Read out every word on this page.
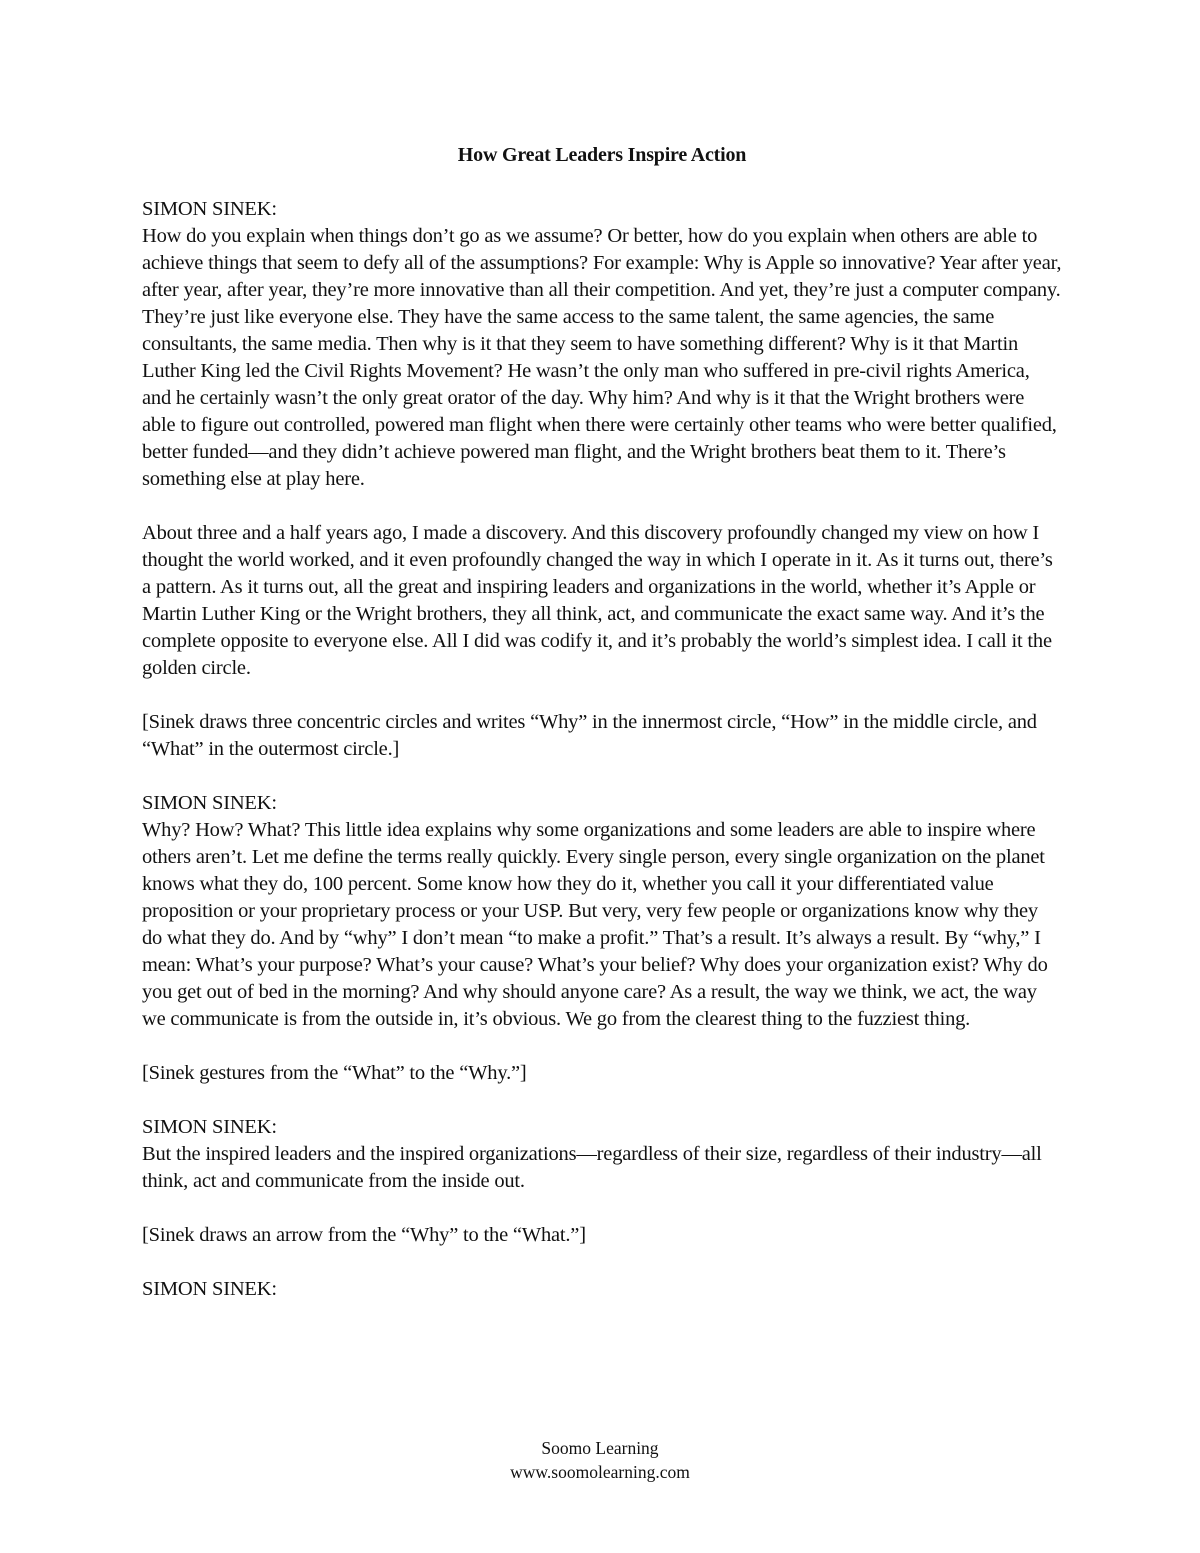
How Great Leaders Inspire Action
SIMON SINEK:
How do you explain when things don’t go as we assume? Or better, how do you explain when others are able to achieve things that seem to defy all of the assumptions? For example: Why is Apple so innovative? Year after year, after year, after year, they’re more innovative than all their competition. And yet, they’re just a computer company. They’re just like everyone else. They have the same access to the same talent, the same agencies, the same consultants, the same media. Then why is it that they seem to have something different? Why is it that Martin Luther King led the Civil Rights Movement? He wasn’t the only man who suffered in pre-civil rights America, and he certainly wasn’t the only great orator of the day. Why him? And why is it that the Wright brothers were able to figure out controlled, powered man flight when there were certainly other teams who were better qualified, better funded—and they didn’t achieve powered man flight, and the Wright brothers beat them to it. There’s something else at play here.
About three and a half years ago, I made a discovery. And this discovery profoundly changed my view on how I thought the world worked, and it even profoundly changed the way in which I operate in it. As it turns out, there’s a pattern. As it turns out, all the great and inspiring leaders and organizations in the world, whether it’s Apple or Martin Luther King or the Wright brothers, they all think, act, and communicate the exact same way. And it’s the complete opposite to everyone else. All I did was codify it, and it’s probably the world’s simplest idea. I call it the golden circle.
[Sinek draws three concentric circles and writes “Why” in the innermost circle, “How” in the middle circle, and “What” in the outermost circle.]
SIMON SINEK:
Why? How? What? This little idea explains why some organizations and some leaders are able to inspire where others aren’t. Let me define the terms really quickly. Every single person, every single organization on the planet knows what they do, 100 percent. Some know how they do it, whether you call it your differentiated value proposition or your proprietary process or your USP. But very, very few people or organizations know why they do what they do. And by “why” I don’t mean “to make a profit.” That’s a result. It’s always a result. By “why,” I mean: What’s your purpose? What’s your cause? What’s your belief? Why does your organization exist? Why do you get out of bed in the morning? And why should anyone care? As a result, the way we think, we act, the way we communicate is from the outside in, it’s obvious. We go from the clearest thing to the fuzziest thing.
[Sinek gestures from the “What” to the “Why.”]
SIMON SINEK:
But the inspired leaders and the inspired organizations—regardless of their size, regardless of their industry—all think, act and communicate from the inside out.
[Sinek draws an arrow from the “Why” to the “What.”]
SIMON SINEK:
Soomo Learning
www.soomolearning.com
